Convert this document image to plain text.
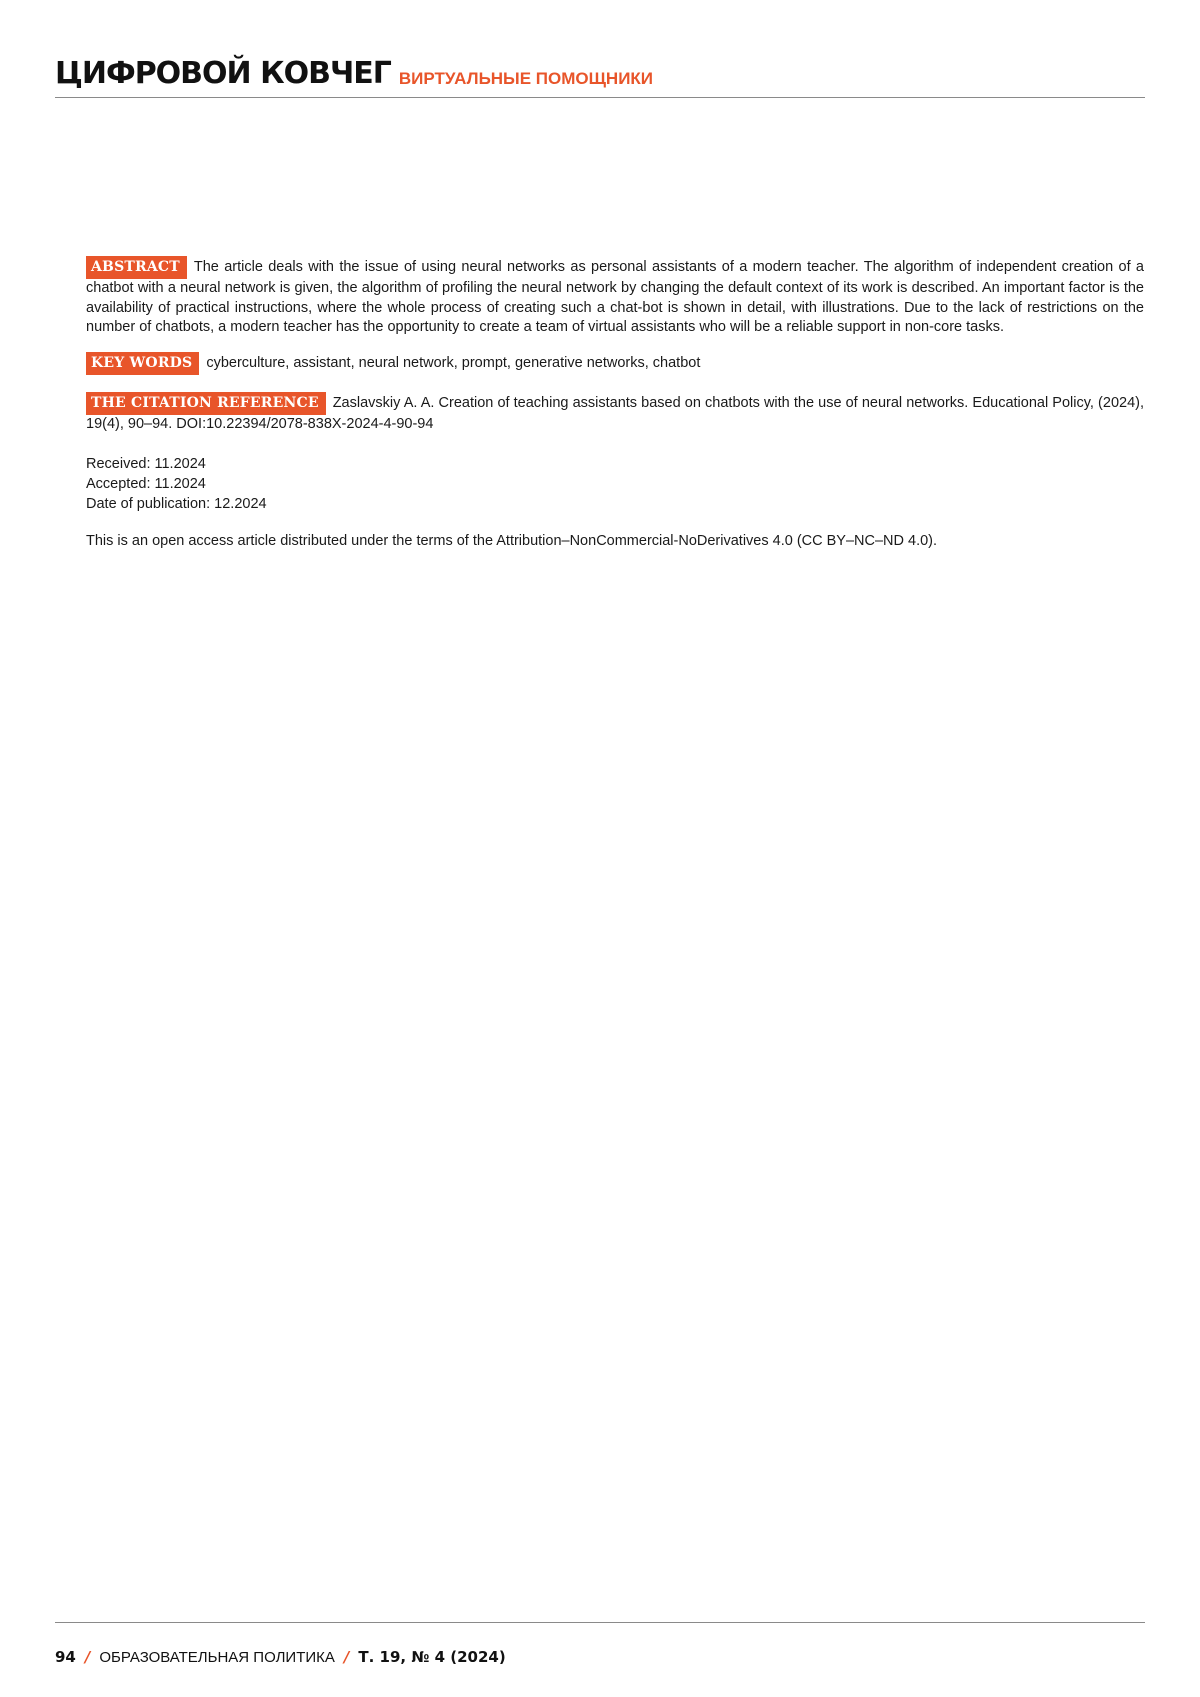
ЦИФРОВОЙ КОВЧЕГ ВИРТУАЛЬНЫЕ ПОМОЩНИКИ

ABSTRACT The article deals with the issue of using neural networks as personal assistants of a modern teacher. The algorithm of independent creation of a chatbot with a neural network is given, the algorithm of profiling the neural network by changing the default context of its work is described. An important factor is the availability of practical instructions, where the whole process of creating such a chat-bot is shown in detail, with illustrations. Due to the lack of restrictions on the number of chatbots, a modern teacher has the opportunity to create a team of virtual assistants who will be a reliable support in non-core tasks.

KEY WORDS cyberculture, assistant, neural network, prompt, generative networks, chatbot

THE CITATION REFERENCE Zaslavskiy A. A. Creation of teaching assistants based on chatbots with the use of neural networks. Educational Policy, (2024), 19(4), 90–94. DOI:10.22394/2078-838X-2024-4-90-94

Received: 11.2024
Accepted: 11.2024
Date of publication: 12.2024

This is an open access article distributed under the terms of the Attribution–NonCommercial-NoDerivatives 4.0 (CC BY–NC–ND 4.0).

94 / ОБРАЗОВАТЕЛЬНАЯ ПОЛИТИКА / Т. 19, № 4 (2024)
